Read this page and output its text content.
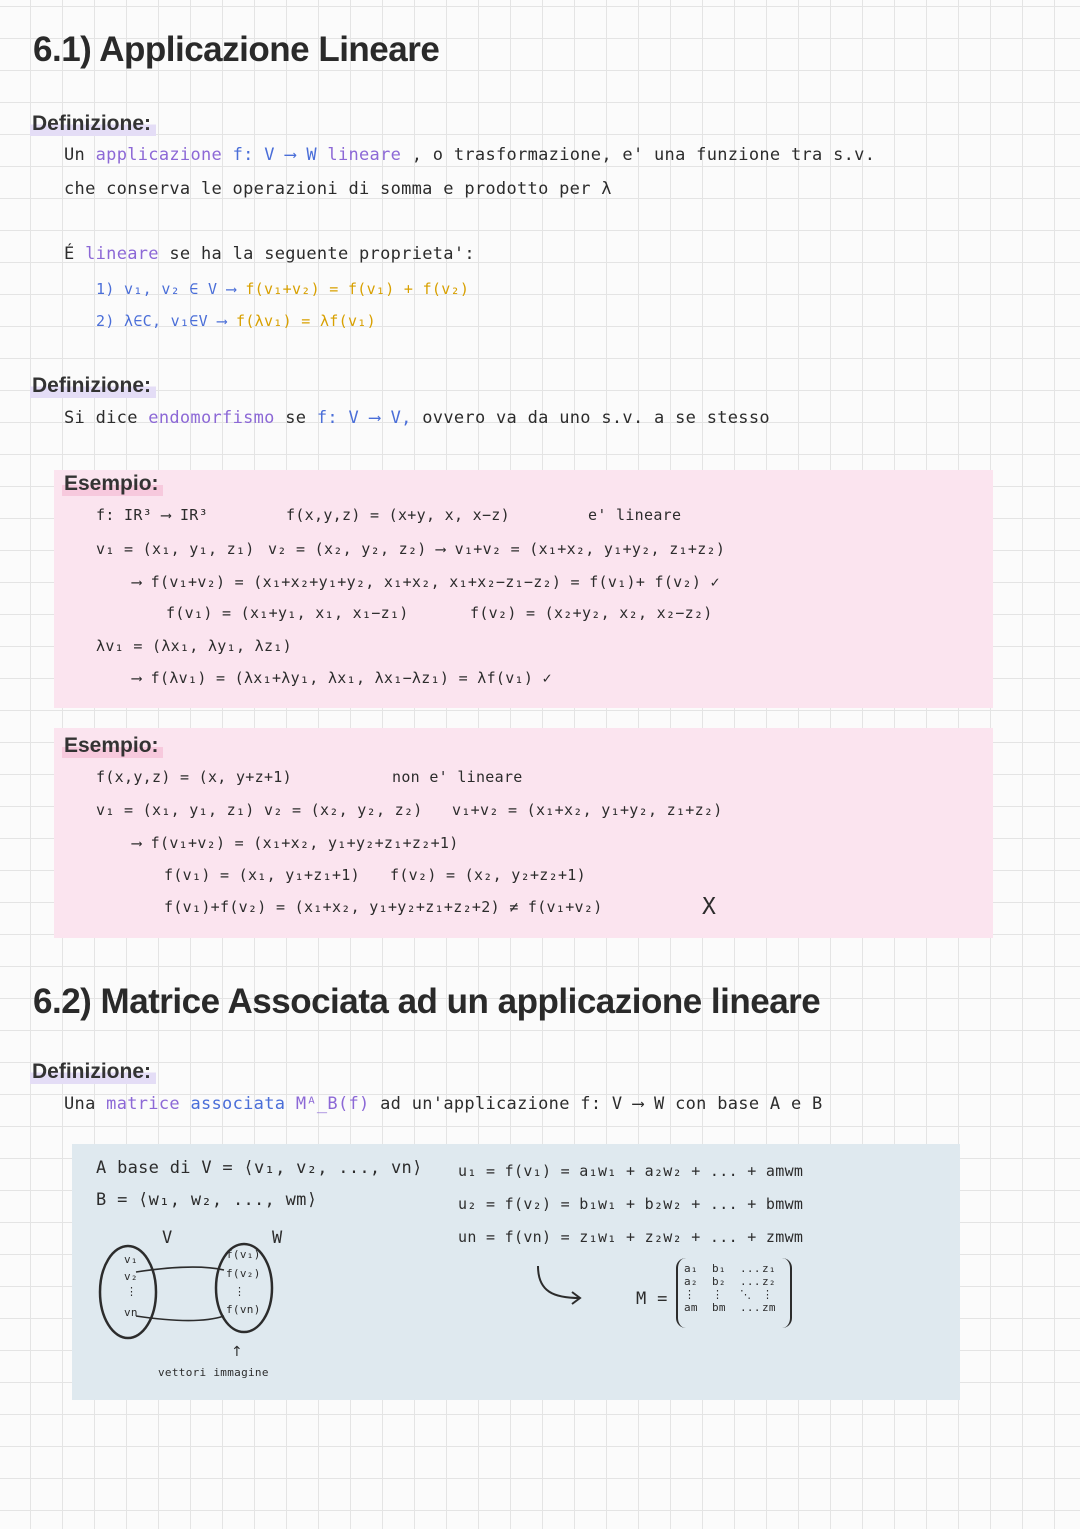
6.1) Applicazione Lineare
Definizione:
Un applicazione f: V ⟶ W lineare , o trasformazione, e' una funzione tra s.v.
che conserva le operazioni di somma e prodotto per λ
É lineare se ha la seguente proprieta':
1) v₁, v₂ ∈ V ⟶ f(v₁+v₂) = f(v₁) + f(v₂)
2) λ∈C, v₁∈V ⟶ f(λv₁) = λf(v₁)
Definizione:
Si dice endomorfismo se f: V ⟶ V, ovvero va da uno s.v. a se stesso
Esempio:
f: IR³ ⟶ IR³	f(x,y,z) = (x+y, x, x−z)	e' lineare
v₁ = (x₁, y₁, z₁) v₂ = (x₂, y₂, z₂) ⟶ v₁+v₂ = (x₁+x₂, y₁+y₂, z₁+z₂)
⟶ f(v₁+v₂) = (x₁+x₂+y₁+y₂, x₁+x₂, x₁+x₂−z₁−z₂) = f(v₁)+ f(v₂) ✓
f(v₁) = (x₁+y₁, x₁, x₁−z₁)	f(v₂) = (x₂+y₂, x₂, x₂−z₂)
λv₁ = (λx₁, λy₁, λz₁)
⟶ f(λv₁) = (λx₁+λy₁, λx₁, λx₁−λz₁) = λf(v₁) ✓
Esempio:
f(x,y,z) = (x, y+z+1)	non e' lineare
v₁ = (x₁, y₁, z₁) v₂ = (x₂, y₂, z₂) v₁+v₂ = (x₁+x₂, y₁+y₂, z₁+z₂)
⟶ f(v₁+v₂) = (x₁+x₂, y₁+y₂+z₁+z₂+1)
f(v₁) = (x₁, y₁+z₁+1) f(v₂) = (x₂, y₂+z₂+1)
f(v₁)+f(v₂) = (x₁+x₂, y₁+y₂+z₁+z₂+2) ≠ f(v₁+v₂)	X
6.2) Matrice Associata ad un applicazione lineare
Definizione:
Una matrice associata Mᴬ_B(f) ad un'applicazione f: V ⟶ W con base A e B
A base di V = ⟨v₁, v₂, ..., vn⟩
B = ⟨w₁, w₂, ..., wm⟩
V	W
v₁
v₂
⋮
vn
f(v₁)
f(v₂)
⋮
f(vn)
↑
vettori immagine
u₁ = f(v₁) = a₁w₁ + a₂w₂ + ... + amwm
u₂ = f(v₂) = b₁w₁ + b₂w₂ + ... + bmwm
un = f(vn) = z₁w₁ + z₂w₂ + ... + zmwm
M =
a₁	b₁	... z₁
a₂	b₂	... z₂
⋮	⋮	⋱ ⋮
am	bm	... zm
